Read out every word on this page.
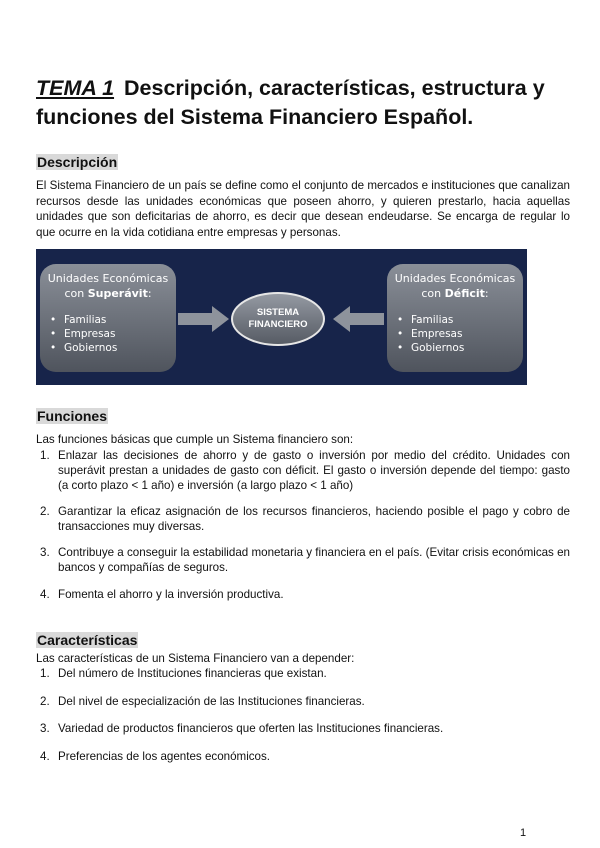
TEMA 1 Descripción, características, estructura y funciones del Sistema Financiero Español.
Descripción

El Sistema Financiero de un país se define como el conjunto de mercados e instituciones que canalizan recursos desde las unidades económicas que poseen ahorro, y quieren prestarlo, hacia aquellas unidades que son deficitarias de ahorro, es decir que desean endeudarse. Se encarga de regular lo que ocurre en la vida cotidiana entre empresas y personas.

Unidades Económicas
con Superávit:
• Familias
• Empresas
• Gobiernos
SISTEMA
FINANCIERO
Unidades Económicas
con Déficit:
• Familias
• Empresas
• Gobiernos
Funciones

Las funciones básicas que cumple un Sistema financiero son:

1. Enlazar las decisiones de ahorro y de gasto o inversión por medio del crédito. Unidades con superávit prestan a unidades de gasto con déficit. El gasto o inversión depende del tiempo: gasto (a corto plazo < 1 año) e inversión (a largo plazo < 1 año)
2. Garantizar la eficaz asignación de los recursos financieros, haciendo posible el pago y cobro de transacciones muy diversas.
3. Contribuye a conseguir la estabilidad monetaria y financiera en el país. (Evitar crisis económicas en bancos y compañías de seguros.
4. Fomenta el ahorro y la inversión productiva.
Características

Las características de un Sistema Financiero van a depender:

1. Del número de Instituciones financieras que existan.
2. Del nivel de especialización de las Instituciones financieras.
3. Variedad de productos financieros que oferten las Instituciones financieras.
4. Preferencias de los agentes económicos.

1
